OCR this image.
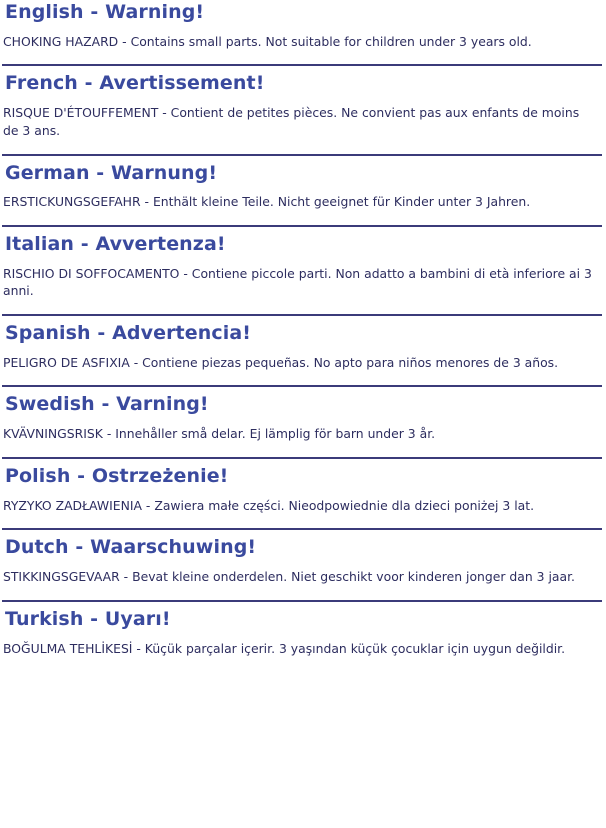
English - Warning!
CHOKING HAZARD - Contains small parts. Not suitable for children under 3 years old.
French - Avertissement!
RISQUE D'ÉTOUFFEMENT - Contient de petites pièces. Ne convient pas aux enfants de moins de 3 ans.
German - Warnung!
ERSTICKUNGSGEFAHR - Enthält kleine Teile. Nicht geeignet für Kinder unter 3 Jahren.
Italian - Avvertenza!
RISCHIO DI SOFFOCAMENTO - Contiene piccole parti. Non adatto a bambini di età inferiore ai 3 anni.
Spanish - Advertencia!
PELIGRO DE ASFIXIA - Contiene piezas pequeñas. No apto para niños menores de 3 años.
Swedish - Varning!
KVÄVNINGSRISK - Innehåller små delar. Ej lämplig för barn under 3 år.
Polish - Ostrzeżenie!
RYZYKO ZADŁAWIENIA - Zawiera małe części. Nieodpowiednie dla dzieci poniżej 3 lat.
Dutch - Waarschuwing!
STIKKINGSGEVAAR - Bevat kleine onderdelen. Niet geschikt voor kinderen jonger dan 3 jaar.
Turkish - Uyarı!
BOĞULMA TEHLİKESİ - Küçük parçalar içerir. 3 yaşından küçük çocuklar için uygun değildir.
